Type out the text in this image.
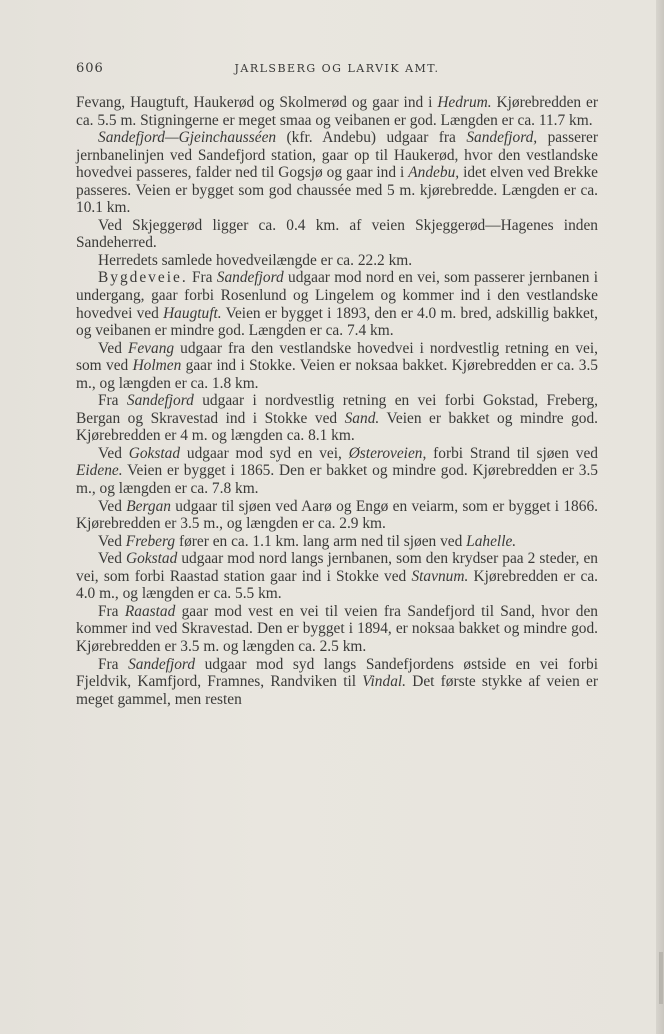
606	JARLSBERG OG LARVIK AMT.

Fevang, Haugtuft, Haukerød og Skolmerød og gaar ind i Hedrum. Kjørebredden er ca. 5.5 m. Stigningerne er meget smaa og veibanen er god. Længden er ca. 11.7 km.

Sandefjord—Gjeinchausséen (kfr. Andebu) udgaar fra Sandefjord, passerer jernbanelinjen ved Sandefjord station, gaar op til Haukerød, hvor den vestlandske hovedvei passeres, falder ned til Gogsjø og gaar ind i Andebu, idet elven ved Brekke passeres. Veien er bygget som god chaussée med 5 m. kjørebredde. Længden er ca. 10.1 km.

Ved Skjeggerød ligger ca. 0.4 km. af veien Skjeggerød—Hagenes inden Sandeherred.

Herredets samlede hovedveilængde er ca. 22.2 km.

Bygdeveie. Fra Sandefjord udgaar mod nord en vei, som passerer jernbanen i undergang, gaar forbi Rosenlund og Lingelem og kommer ind i den vestlandske hovedvei ved Haugtuft. Veien er bygget i 1893, den er 4.0 m. bred, adskillig bakket, og veibanen er mindre god. Længden er ca. 7.4 km.

Ved Fevang udgaar fra den vestlandske hovedvei i nordvestlig retning en vei, som ved Holmen gaar ind i Stokke. Veien er noksaa bakket. Kjørebredden er ca. 3.5 m., og længden er ca. 1.8 km.

Fra Sandefjord udgaar i nordvestlig retning en vei forbi Gokstad, Freberg, Bergan og Skravestad ind i Stokke ved Sand. Veien er bakket og mindre god. Kjørebredden er 4 m. og længden ca. 8.1 km.

Ved Gokstad udgaar mod syd en vei, Østeroveien, forbi Strand til sjøen ved Eidene. Veien er bygget i 1865. Den er bakket og mindre god. Kjørebredden er 3.5 m., og længden er ca. 7.8 km.

Ved Bergan udgaar til sjøen ved Aarø og Engø en veiarm, som er bygget i 1866. Kjørebredden er 3.5 m., og længden er ca. 2.9 km.

Ved Freberg fører en ca. 1.1 km. lang arm ned til sjøen ved Lahelle.

Ved Gokstad udgaar mod nord langs jernbanen, som den krydser paa 2 steder, en vei, som forbi Raastad station gaar ind i Stokke ved Stavnum. Kjørebredden er ca. 4.0 m., og længden er ca. 5.5 km.

Fra Raastad gaar mod vest en vei til veien fra Sandefjord til Sand, hvor den kommer ind ved Skravestad. Den er bygget i 1894, er noksaa bakket og mindre god. Kjørebredden er 3.5 m. og længden ca. 2.5 km.

Fra Sandefjord udgaar mod syd langs Sandefjordens østside en vei forbi Fjeldvik, Kamfjord, Framnes, Randviken til Vindal. Det første stykke af veien er meget gammel, men resten
